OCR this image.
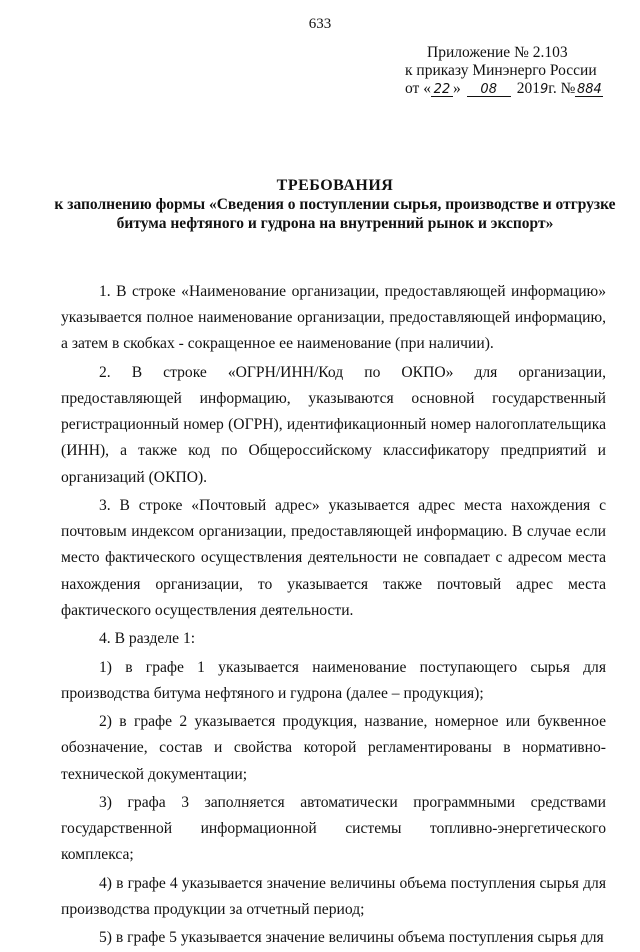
633
Приложение № 2.103
к приказу Минэнерго России
от « 22 » 08 2019г. № 884
ТРЕБОВАНИЯ
к заполнению формы «Сведения о поступлении сырья, производстве и отгрузке
битума нефтяного и гудрона на внутренний рынок и экспорт»

1. В строке «Наименование организации, предоставляющей информацию» указывается полное наименование организации, предоставляющей информацию, а затем в скобках - сокращенное ее наименование (при наличии).

2. В строке «ОГРН/ИНН/Код по ОКПО» для организации, предоставляющей информацию, указываются основной государственный регистрационный номер (ОГРН), идентификационный номер налогоплательщика (ИНН), а также код по Общероссийскому классификатору предприятий и организаций (ОКПО).

3. В строке «Почтовый адрес» указывается адрес места нахождения с почтовым индексом организации, предоставляющей информацию. В случае если место фактического осуществления деятельности не совпадает с адресом места нахождения организации, то указывается также почтовый адрес места фактического осуществления деятельности.

4. В разделе 1:

1) в графе 1 указывается наименование поступающего сырья для производства битума нефтяного и гудрона (далее – продукция);

2) в графе 2 указывается продукция, название, номерное или буквенное обозначение, состав и свойства которой регламентированы в нормативно-технической документации;

3) графа 3 заполняется автоматически программными средствами государственной информационной системы топливно-энергетического комплекса;

4) в графе 4 указывается значение величины объема поступления сырья для производства продукции за отчетный период;

5) в графе 5 указывается значение величины объема поступления сырья для
